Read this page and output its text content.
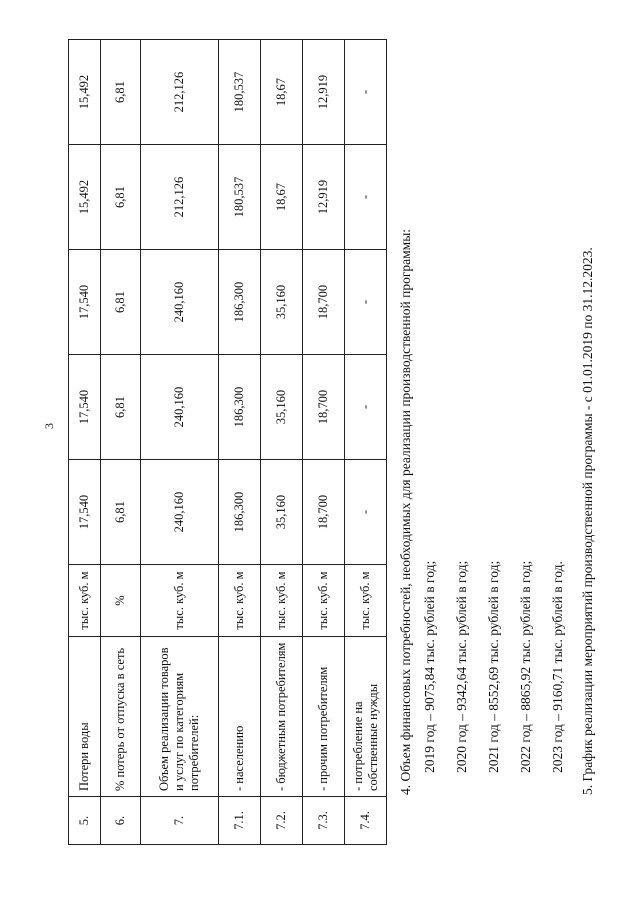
3
5.	Потери воды	тыс. куб. м	17,540	17,540	17,540	15,492	15,492
6.	% потерь от отпуска в сеть	%	6,81	6,81	6,81	6,81	6,81
7.	Объем реализации товаров и услуг по категориям потребителей:	тыс. куб. м	240,160	240,160	240,160	212,126	212,126
7.1.	- населению	тыс. куб. м	186,300	186,300	186,300	180,537	180,537
7.2.	- бюджетным потребителям	тыс. куб. м	35,160	35,160	35,160	18,67	18,67
7.3.	- прочим потребителям	тыс. куб. м	18,700	18,700	18,700	12,919	12,919
7.4.	- потребление на собственные нужды	тыс. куб. м	-	-	-	-	-

4. Объем финансовых потребностей, необходимых для реализации производственной программы: 2019 год – 9075,84 тыс. рублей в год;	2020 год – 9342,64 тыс. рублей в год;	2021 год – 8552,69 тыс. рублей в год;	2022 год – 8865,92 тыс. рублей в год;	2023 год – 9160,71 тыс. рублей в год.	5. График реализации мероприятий производственной программы - с 01.01.2019 по 31.12.2023.
